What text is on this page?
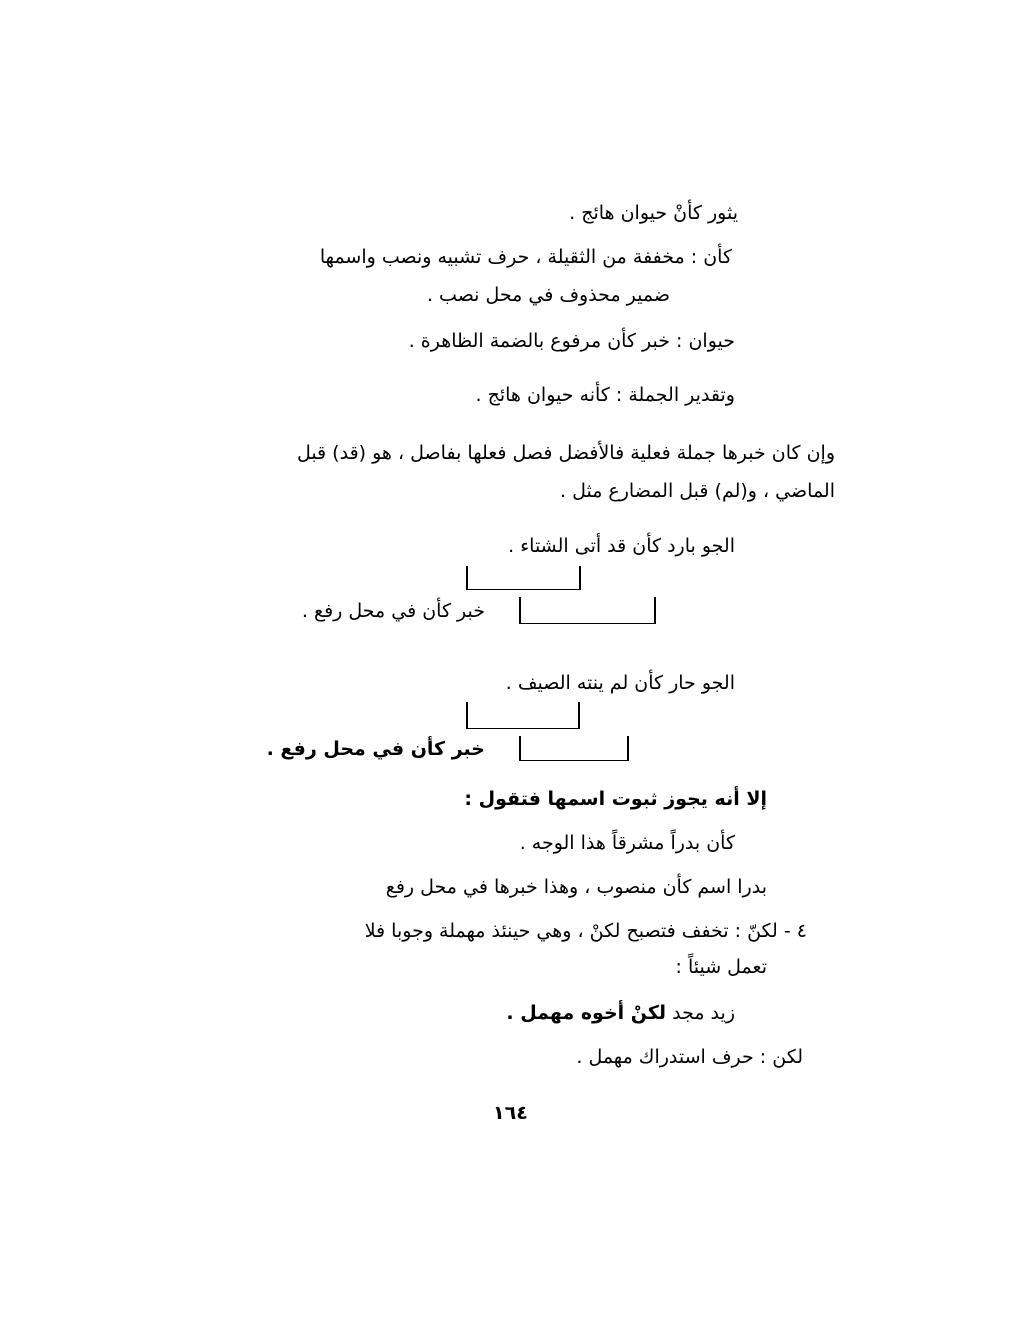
يثور كأنْ حيوان هائج .
كأن : مخففة من الثقيلة ، حرف تشبيه ونصب واسمها
ضمير محذوف في محل نصب .
حيوان : خبر كأن مرفوع بالضمة الظاهرة .
وتقدير الجملة : كأنه حيوان هائج .
وإن كان خبرها جملة فعلية فالأفضل فصل فعلها بفاصل ، هو (قد) قبل
الماضي ، و(لم) قبل المضارع مثل .
الجو بارد كأن قد أتى الشتاء .
خبر كأن في محل رفع .
الجو حار كأن لم ينته الصيف .
خبر كأن في محل رفع .
إلا أنه يجوز ثبوت اسمها فتقول :
كأن بدراً مشرقاً هذا الوجه .
بدرا اسم كأن منصوب ، وهذا خبرها في محل رفع
٤ - لكنّ : تخفف فتصبح لكنْ ، وهي حينئذ مهملة وجوبا فلا
تعمل شيئاً :
زيد مجد لكنْ أخوه مهمل .
لكن : حرف استدراك مهمل .
١٦٤
